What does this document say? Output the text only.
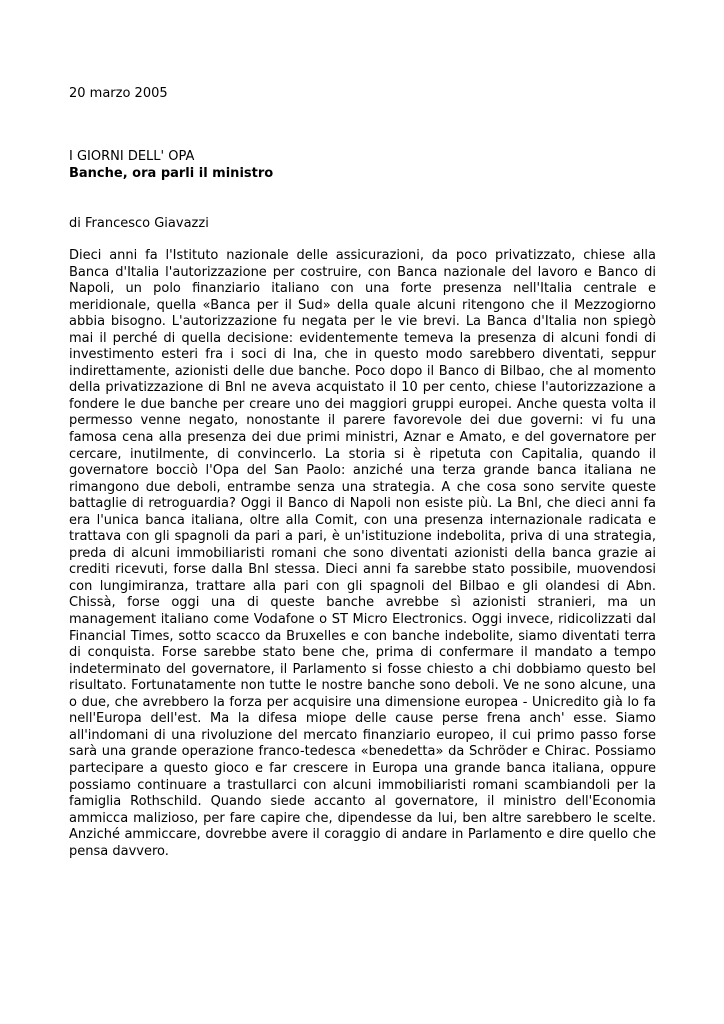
20 marzo 2005

I GIORNI DELL' OPA

Banche, ora parli il ministro

di Francesco Giavazzi

Dieci anni fa l'Istituto nazionale delle assicurazioni, da poco privatizzato, chiese alla Banca d'Italia l'autorizzazione per costruire, con Banca nazionale del lavoro e Banco di Napoli, un polo finanziario italiano con una forte presenza nell'Italia centrale e meridionale, quella «Banca per il Sud» della quale alcuni ritengono che il Mezzogiorno abbia bisogno. L'autorizzazione fu negata per le vie brevi. La Banca d'Italia non spiegò mai il perché di quella decisione: evidentemente temeva la presenza di alcuni fondi di investimento esteri fra i soci di Ina, che in questo modo sarebbero diventati, seppur indirettamente, azionisti delle due banche. Poco dopo il Banco di Bilbao, che al momento della privatizzazione di Bnl ne aveva acquistato il 10 per cento, chiese l'autorizzazione a fondere le due banche per creare uno dei maggiori gruppi europei. Anche questa volta il permesso venne negato, nonostante il parere favorevole dei due governi: vi fu una famosa cena alla presenza dei due primi ministri, Aznar e Amato, e del governatore per cercare, inutilmente, di convincerlo. La storia si è ripetuta con Capitalia, quando il governatore bocciò l'Opa del San Paolo: anziché una terza grande banca italiana ne rimangono due deboli, entrambe senza una strategia. A che cosa sono servite queste battaglie di retroguardia? Oggi il Banco di Napoli non esiste più. La Bnl, che dieci anni fa era l'unica banca italiana, oltre alla Comit, con una presenza internazionale radicata e trattava con gli spagnoli da pari a pari, è un'istituzione indebolita, priva di una strategia, preda di alcuni immobiliaristi romani che sono diventati azionisti della banca grazie ai crediti ricevuti, forse dalla Bnl stessa. Dieci anni fa sarebbe stato possibile, muovendosi con lungimiranza, trattare alla pari con gli spagnoli del Bilbao e gli olandesi di Abn. Chissà, forse oggi una di queste banche avrebbe sì azionisti stranieri, ma un management italiano come Vodafone o ST Micro Electronics. Oggi invece, ridicolizzati dal Financial Times, sotto scacco da Bruxelles e con banche indebolite, siamo diventati terra di conquista. Forse sarebbe stato bene che, prima di confermare il mandato a tempo indeterminato del governatore, il Parlamento si fosse chiesto a chi dobbiamo questo bel risultato. Fortunatamente non tutte le nostre banche sono deboli. Ve ne sono alcune, una o due, che avrebbero la forza per acquisire una dimensione europea - Unicredito già lo fa nell'Europa dell'est. Ma la difesa miope delle cause perse frena anch' esse. Siamo all'indomani di una rivoluzione del mercato finanziario europeo, il cui primo passo forse sarà una grande operazione franco-tedesca «benedetta» da Schröder e Chirac. Possiamo partecipare a questo gioco e far crescere in Europa una grande banca italiana, oppure possiamo continuare a trastullarci con alcuni immobiliaristi romani scambiandoli per la famiglia Rothschild. Quando siede accanto al governatore, il ministro dell'Economia ammicca malizioso, per fare capire che, dipendesse da lui, ben altre sarebbero le scelte. Anziché ammiccare, dovrebbe avere il coraggio di andare in Parlamento e dire quello che pensa davvero.
